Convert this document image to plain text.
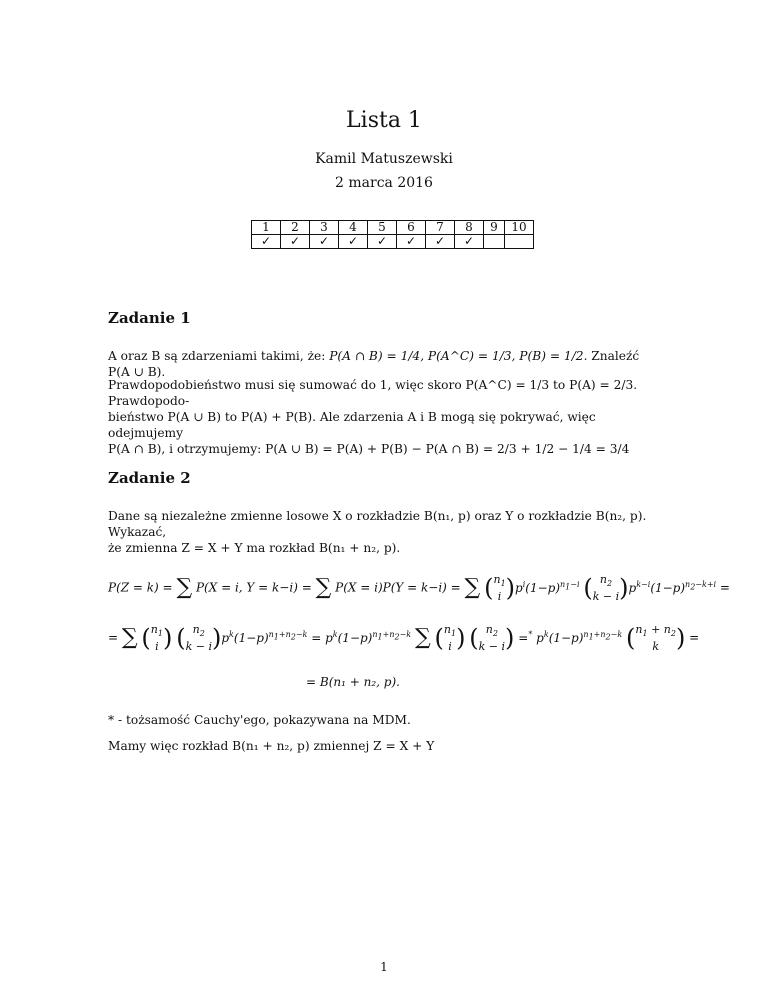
Lista 1
Kamil Matuszewski
2 marca 2016
1	2	3	4	5	6	7	8	9	10
✓	✓	✓	✓	✓	✓	✓	✓		
Zadanie 1
A oraz B są zdarzeniami takimi, że: P(A ∩ B) = 1/4, P(A^C) = 1/3, P(B) = 1/2. Znaleźć P(A ∪ B).
Prawdopodobieństwo musi się sumować do 1, więc skoro P(A^C) = 1/3 to P(A) = 2/3. Prawdopodo-
bieństwo P(A ∪ B) to P(A) + P(B). Ale zdarzenia A i B mogą się pokrywać, więc odejmujemy
P(A ∩ B), i otrzymujemy: P(A ∪ B) = P(A) + P(B) − P(A ∩ B) = 2/3 + 1/2 − 1/4 = 3/4
Zadanie 2
Dane są niezależne zmienne losowe X o rozkładzie B(n₁, p) oraz Y o rozkładzie B(n₂, p). Wykazać,
że zmienna Z = X + Y ma rozkład B(n₁ + n₂, p).
P(Z = k) = ∑ P(X = i, Y = k−i) = ∑ P(X = i)P(Y = k−i) = ∑ ( $n_1$
i )$p^i(1-p)^{n_1-i}$ ( $n_2$
k − i )$p^{k-i}(1-p)^{n_2-k+i}$ =
= ∑ ( $n_1$
i ) ( $n_2$
k − i )$p^k(1-p)^{n_1+n_2-k} = p^k(1-p)^{n_1+n_2-k}$ ∑ ( $n_1$
i ) ( $n_2$
k − i ) =* $p^k(1-p)^{n_1+n_2-k}$ ( $n_1 + n_2$
k ) =
= B(n₁ + n₂, p).
* - tożsamość Cauchy'ego, pokazywana na MDM.
Mamy więc rozkład B(n₁ + n₂, p) zmiennej Z = X + Y
1
